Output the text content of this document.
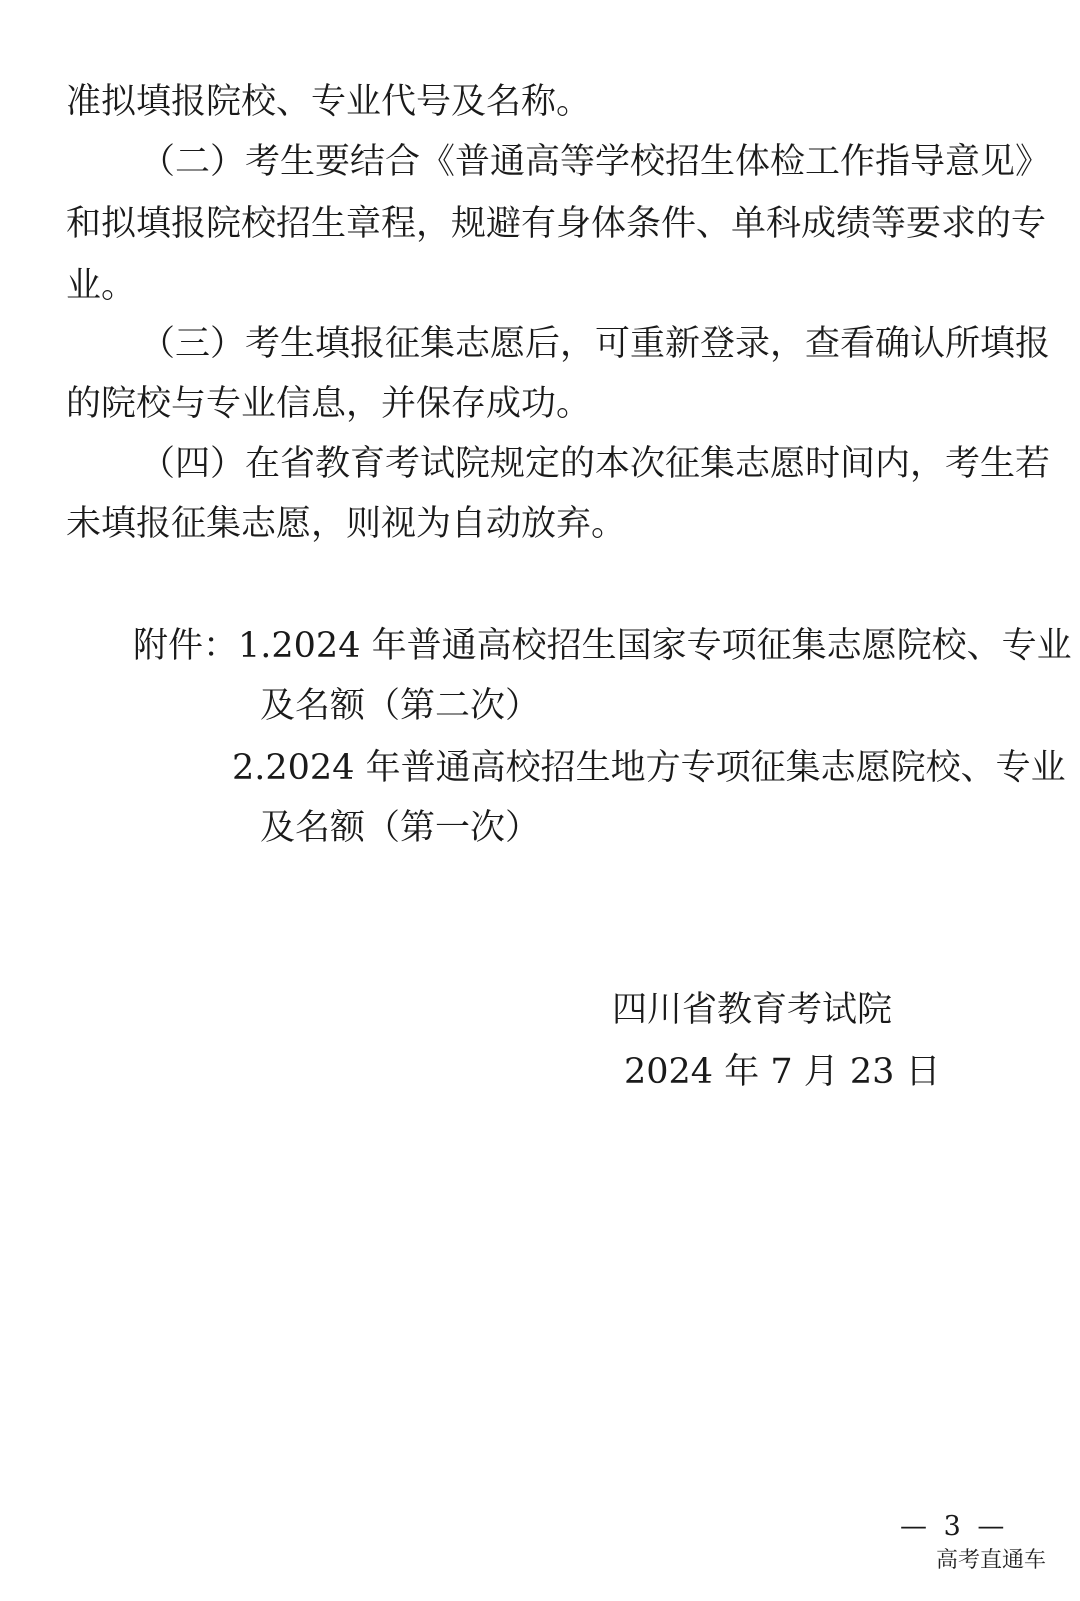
准拟填报院校、专业代号及名称。
（二）考生要结合《普通高等学校招生体检工作指导意见》
和拟填报院校招生章程，规避有身体条件、单科成绩等要求的专
业。
（三）考生填报征集志愿后，可重新登录，查看确认所填报
的院校与专业信息，并保存成功。
（四）在省教育考试院规定的本次征集志愿时间内，考生若
未填报征集志愿，则视为自动放弃。
附件：1.2024 年普通高校招生国家专项征集志愿院校、专业
及名额（第二次）
2.2024 年普通高校招生地方专项征集志愿院校、专业
及名额（第一次）
四川省教育考试院
2024 年 7 月 23 日
— 3 —
高考直通车
